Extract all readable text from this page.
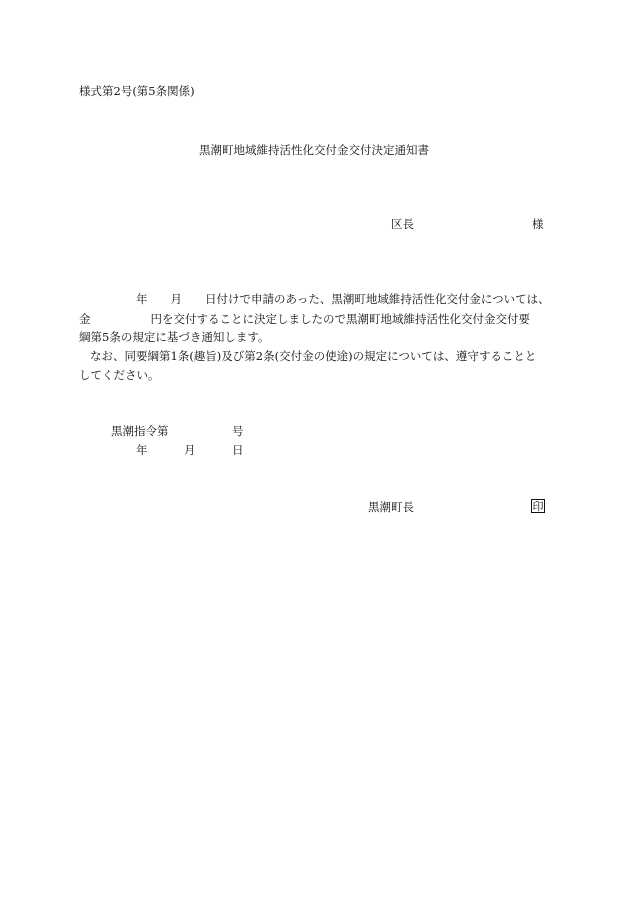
様式第2号(第5条関係)
黒潮町地域維持活性化交付金交付決定通知書
区長	様
年 月 日付けで申請のあった、黒潮町地域維持活性化交付金については、
金	円を交付することに決定しましたので黒潮町地域維持活性化交付金交付要
綱第5条の規定に基づき通知します。
なお、同要綱第1条(趣旨)及び第2条(交付金の使途)の規定については、遵守することと
してください。
黒潮指令第	号
年	月	日
黒潮町長	印
